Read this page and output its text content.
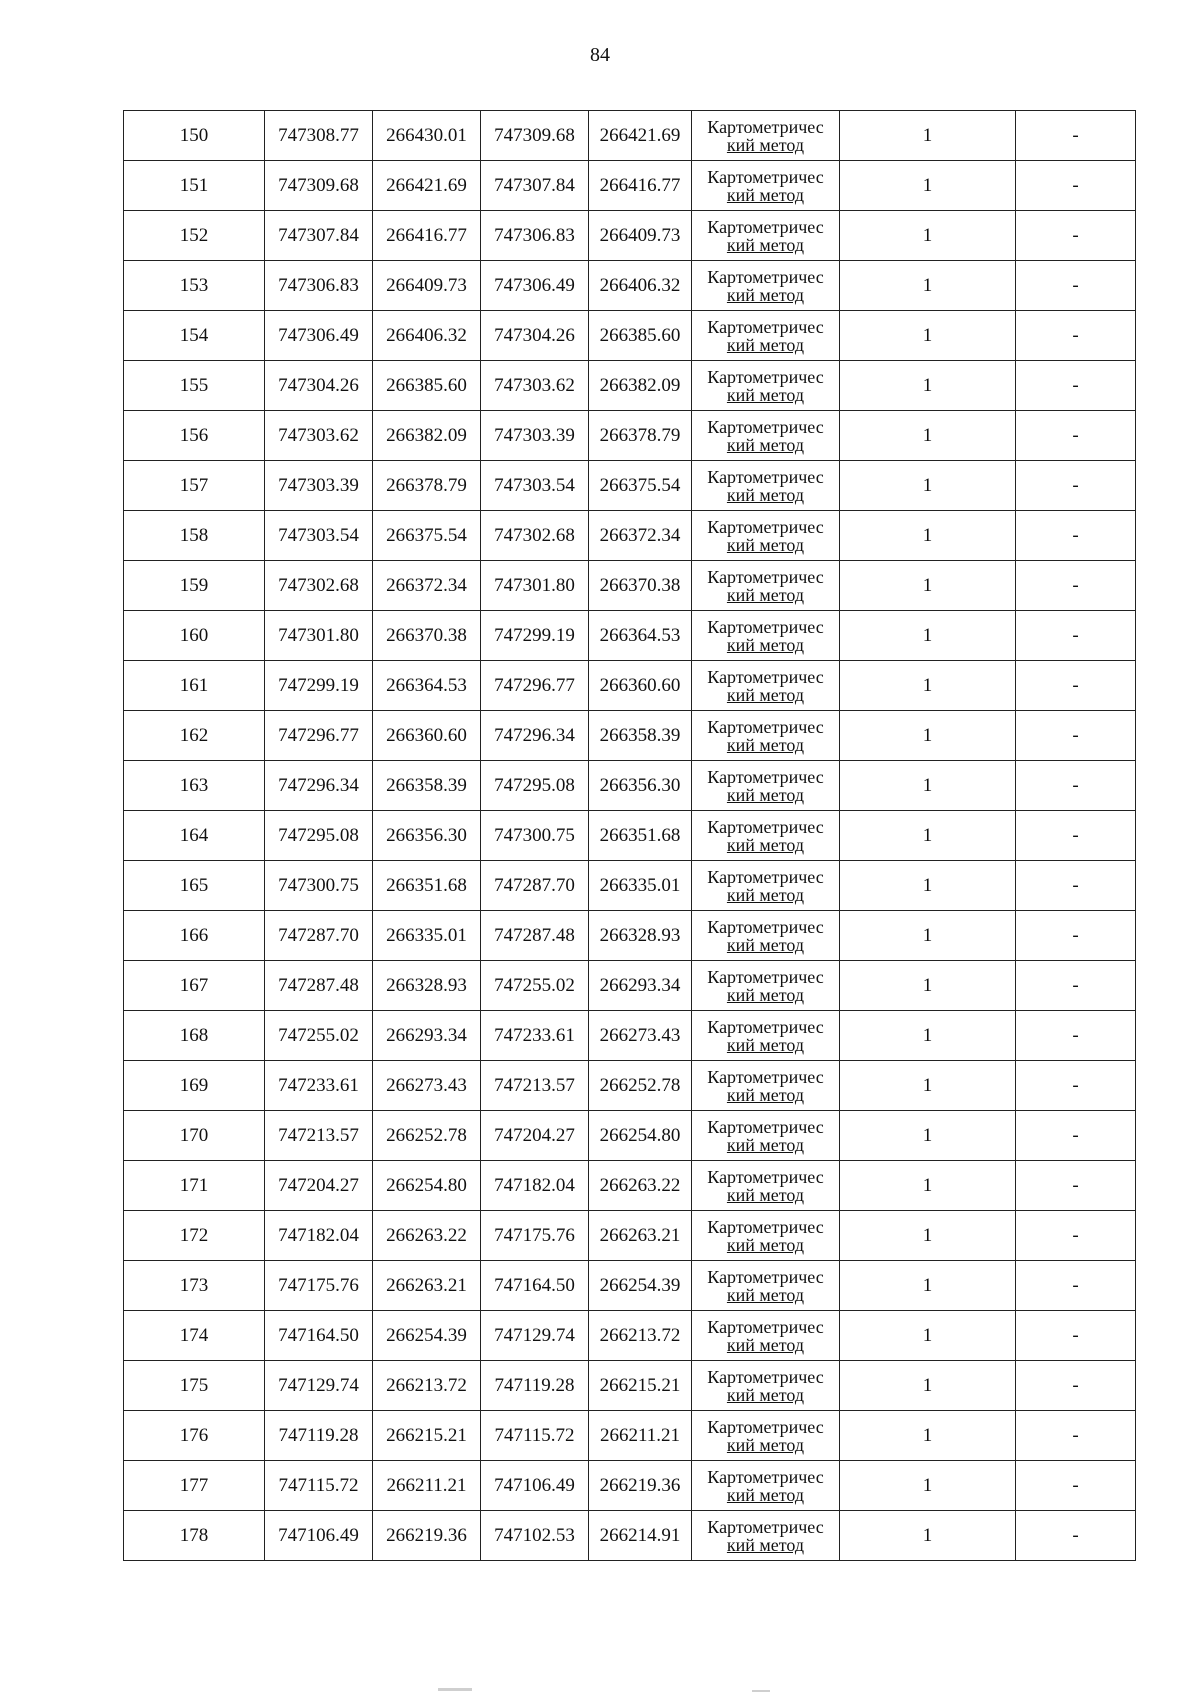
84
150	747308.77	266430.01	747309.68	266421.69	Картометричес
кий метод	1	-
151	747309.68	266421.69	747307.84	266416.77	Картометричес
кий метод	1	-
152	747307.84	266416.77	747306.83	266409.73	Картометричес
кий метод	1	-
153	747306.83	266409.73	747306.49	266406.32	Картометричес
кий метод	1	-
154	747306.49	266406.32	747304.26	266385.60	Картометричес
кий метод	1	-
155	747304.26	266385.60	747303.62	266382.09	Картометричес
кий метод	1	-
156	747303.62	266382.09	747303.39	266378.79	Картометричес
кий метод	1	-
157	747303.39	266378.79	747303.54	266375.54	Картометричес
кий метод	1	-
158	747303.54	266375.54	747302.68	266372.34	Картометричес
кий метод	1	-
159	747302.68	266372.34	747301.80	266370.38	Картометричес
кий метод	1	-
160	747301.80	266370.38	747299.19	266364.53	Картометричес
кий метод	1	-
161	747299.19	266364.53	747296.77	266360.60	Картометричес
кий метод	1	-
162	747296.77	266360.60	747296.34	266358.39	Картометричес
кий метод	1	-
163	747296.34	266358.39	747295.08	266356.30	Картометричес
кий метод	1	-
164	747295.08	266356.30	747300.75	266351.68	Картометричес
кий метод	1	-
165	747300.75	266351.68	747287.70	266335.01	Картометричес
кий метод	1	-
166	747287.70	266335.01	747287.48	266328.93	Картометричес
кий метод	1	-
167	747287.48	266328.93	747255.02	266293.34	Картометричес
кий метод	1	-
168	747255.02	266293.34	747233.61	266273.43	Картометричес
кий метод	1	-
169	747233.61	266273.43	747213.57	266252.78	Картометричес
кий метод	1	-
170	747213.57	266252.78	747204.27	266254.80	Картометричес
кий метод	1	-
171	747204.27	266254.80	747182.04	266263.22	Картометричес
кий метод	1	-
172	747182.04	266263.22	747175.76	266263.21	Картометричес
кий метод	1	-
173	747175.76	266263.21	747164.50	266254.39	Картометричес
кий метод	1	-
174	747164.50	266254.39	747129.74	266213.72	Картометричес
кий метод	1	-
175	747129.74	266213.72	747119.28	266215.21	Картометричес
кий метод	1	-
176	747119.28	266215.21	747115.72	266211.21	Картометричес
кий метод	1	-
177	747115.72	266211.21	747106.49	266219.36	Картометричес
кий метод	1	-
178	747106.49	266219.36	747102.53	266214.91	Картометричес
кий метод	1	-
